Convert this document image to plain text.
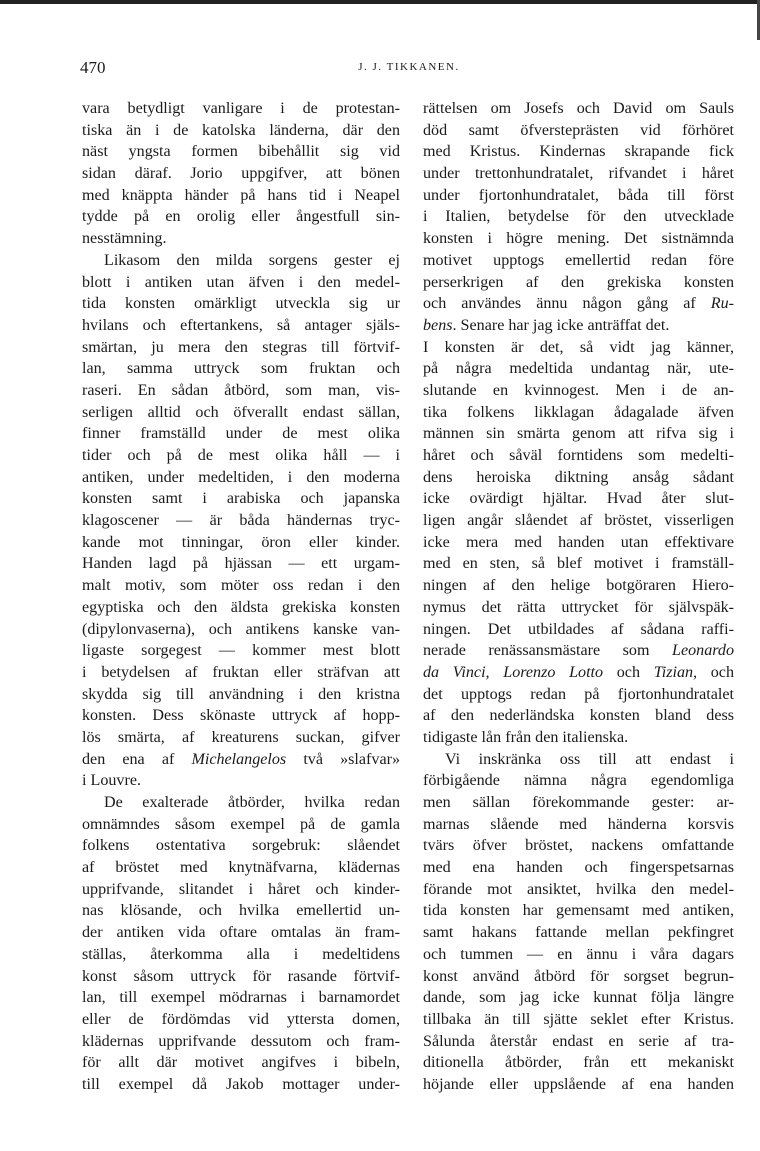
470	J. J. TIKKANEN.
vara betydligt vanligare i de protestan-
tiska än i de katolska länderna, där den
näst yngsta formen bibehållit sig vid
sidan däraf. Jorio uppgifver, att bönen
med knäppta händer på hans tid i Neapel
tydde på en orolig eller ångestfull sin-
nesstämning.
Likasom den milda sorgens gester ej
blott i antiken utan äfven i den medel-
tida konsten omärkligt utveckla sig ur
hvilans och eftertankens, så antager själs-
smärtan, ju mera den stegras till förtvif-
lan, samma uttryck som fruktan och
raseri. En sådan åtbörd, som man, vis-
serligen alltid och öfverallt endast sällan,
finner framställd under de mest olika
tider och på de mest olika håll — i
antiken, under medeltiden, i den moderna
konsten samt i arabiska och japanska
klagoscener — är båda händernas tryc-
kande mot tinningar, öron eller kinder.
Handen lagd på hjässan — ett urgam-
malt motiv, som möter oss redan i den
egyptiska och den äldsta grekiska konsten
(dipylonvaserna), och antikens kanske van-
ligaste sorgegest — kommer mest blott
i betydelsen af fruktan eller sträfvan att
skydda sig till användning i den kristna
konsten. Dess skönaste uttryck af hopp-
lös smärta, af kreaturens suckan, gifver
den ena af Michelangelos två »slafvar»
i Louvre.
De exalterade åtbörder, hvilka redan
omnämndes såsom exempel på de gamla
folkens ostentativa sorgebruk: slåendet
af bröstet med knytnäfvarna, klädernas
upprifvande, slitandet i håret och kinder-
nas klösande, och hvilka emellertid un-
der antiken vida oftare omtalas än fram-
ställas, återkomma alla i medeltidens
konst såsom uttryck för rasande förtvif-
lan, till exempel mödrarnas i barnamordet
eller de fördömdas vid yttersta domen,
klädernas upprifvande dessutom och fram-
för allt där motivet angifves i bibeln,
till exempel då Jakob mottager under-
rättelsen om Josefs och David om Sauls
död samt öfversteprästen vid förhöret
med Kristus. Kindernas skrapande fick
under trettonhundratalet, rifvandet i håret
under fjortonhundratalet, båda till först
i Italien, betydelse för den utvecklade
konsten i högre mening. Det sistnämnda
motivet upptogs emellertid redan före
perserkrigen af den grekiska konsten
och användes ännu någon gång af Ru-
bens. Senare har jag icke anträffat det.
I konsten är det, så vidt jag känner,
på några medeltida undantag när, ute-
slutande en kvinnogest. Men i de an-
tika folkens likklagan ådagalade äfven
männen sin smärta genom att rifva sig i
håret och såväl forntidens som medelti-
dens heroiska diktning ansåg sådant
icke ovärdigt hjältar. Hvad åter slut-
ligen angår slåendet af bröstet, visserligen
icke mera med handen utan effektivare
med en sten, så blef motivet i framställ-
ningen af den helige botgöraren Hiero-
nymus det rätta uttrycket för självspäk-
ningen. Det utbildades af sådana raffi-
nerade renässansmästare som Leonardo
da Vinci, Lorenzo Lotto och Tizian, och
det upptogs redan på fjortonhundratalet
af den nederländska konsten bland dess
tidigaste lån från den italienska.
Vi inskränka oss till att endast i
förbigående nämna några egendomliga
men sällan förekommande gester: ar-
marnas slående med händerna korsvis
tvärs öfver bröstet, nackens omfattande
med ena handen och fingerspetsarnas
förande mot ansiktet, hvilka den medel-
tida konsten har gemensamt med antiken,
samt hakans fattande mellan pekfingret
och tummen — en ännu i våra dagars
konst använd åtbörd för sorgset begrun-
dande, som jag icke kunnat följa längre
tillbaka än till sjätte seklet efter Kristus.
Sålunda återstår endast en serie af tra-
ditionella åtbörder, från ett mekaniskt
höjande eller uppslående af ena handen
